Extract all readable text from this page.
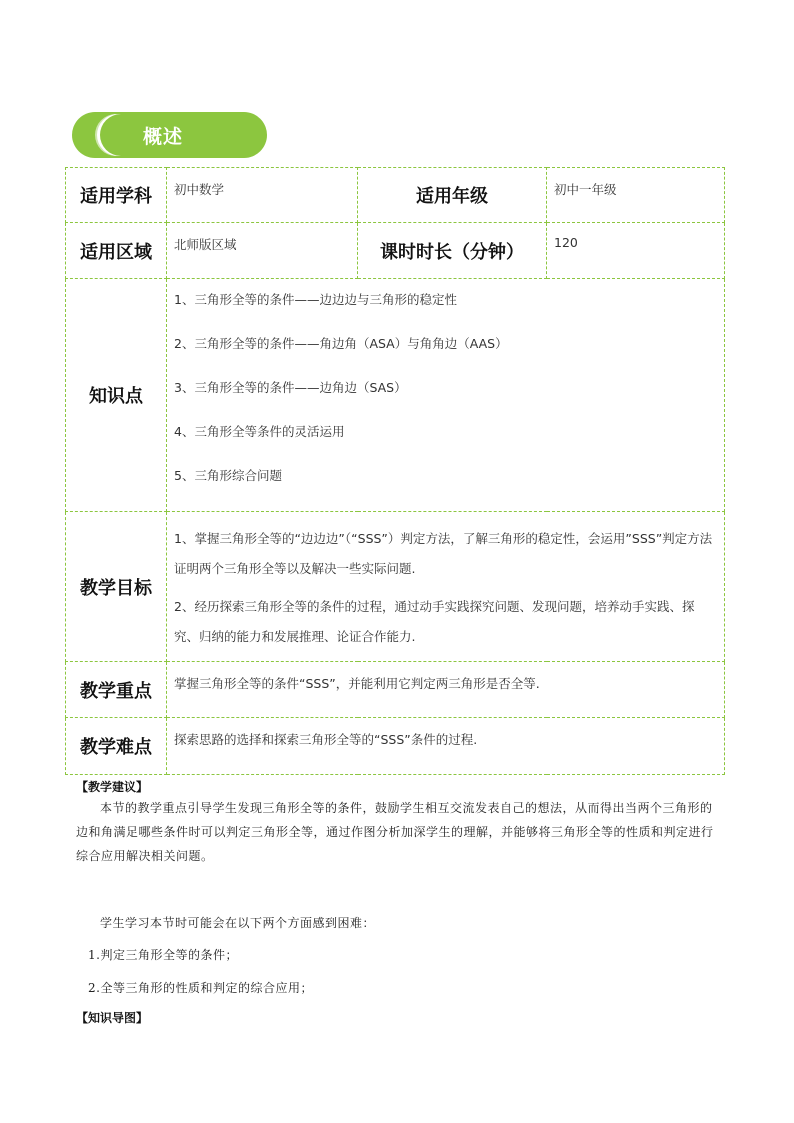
概述
适用学科	初中数学	适用年级	初中一年级
适用区域	北师版区域	课时时长（分钟）	120
知识点	1、三角形全等的条件——边边边与三角形的稳定性

2、三角形全等的条件——角边角（ASA）与角角边（AAS）

3、三角形全等的条件——边角边（SAS）

4、三角形全等条件的灵活运用

5、三角形综合问题		

教学目标	1、掌握三角形全等的“边边边”（“SSS”）判定方法，了解三角形的稳定性，会运用”SSS”判定方法证明两个三角形全等以及解决一些实际问题.

2、经历探索三角形全等的条件的过程，通过动手实践探究问题、发现问题，培养动手实践、探究、归纳的能力和发展推理、论证合作能力.		

教学重点	掌握三角形全等的条件“SSS”，并能利用它判定两三角形是否全等.		
教学难点	探索思路的选择和探索三角形全等的“SSS”条件的过程.		
【教学建议】
本节的教学重点引导学生发现三角形全等的条件，鼓励学生相互交流发表自己的想法，从而得出当两个三角形的边和角满足哪些条件时可以判定三角形全等，通过作图分析加深学生的理解，并能够将三角形全等的性质和判定进行综合应用解决相关问题。
学生学习本节时可能会在以下两个方面感到困难：
1.判定三角形全等的条件；
2.全等三角形的性质和判定的综合应用；
【知识导图】
